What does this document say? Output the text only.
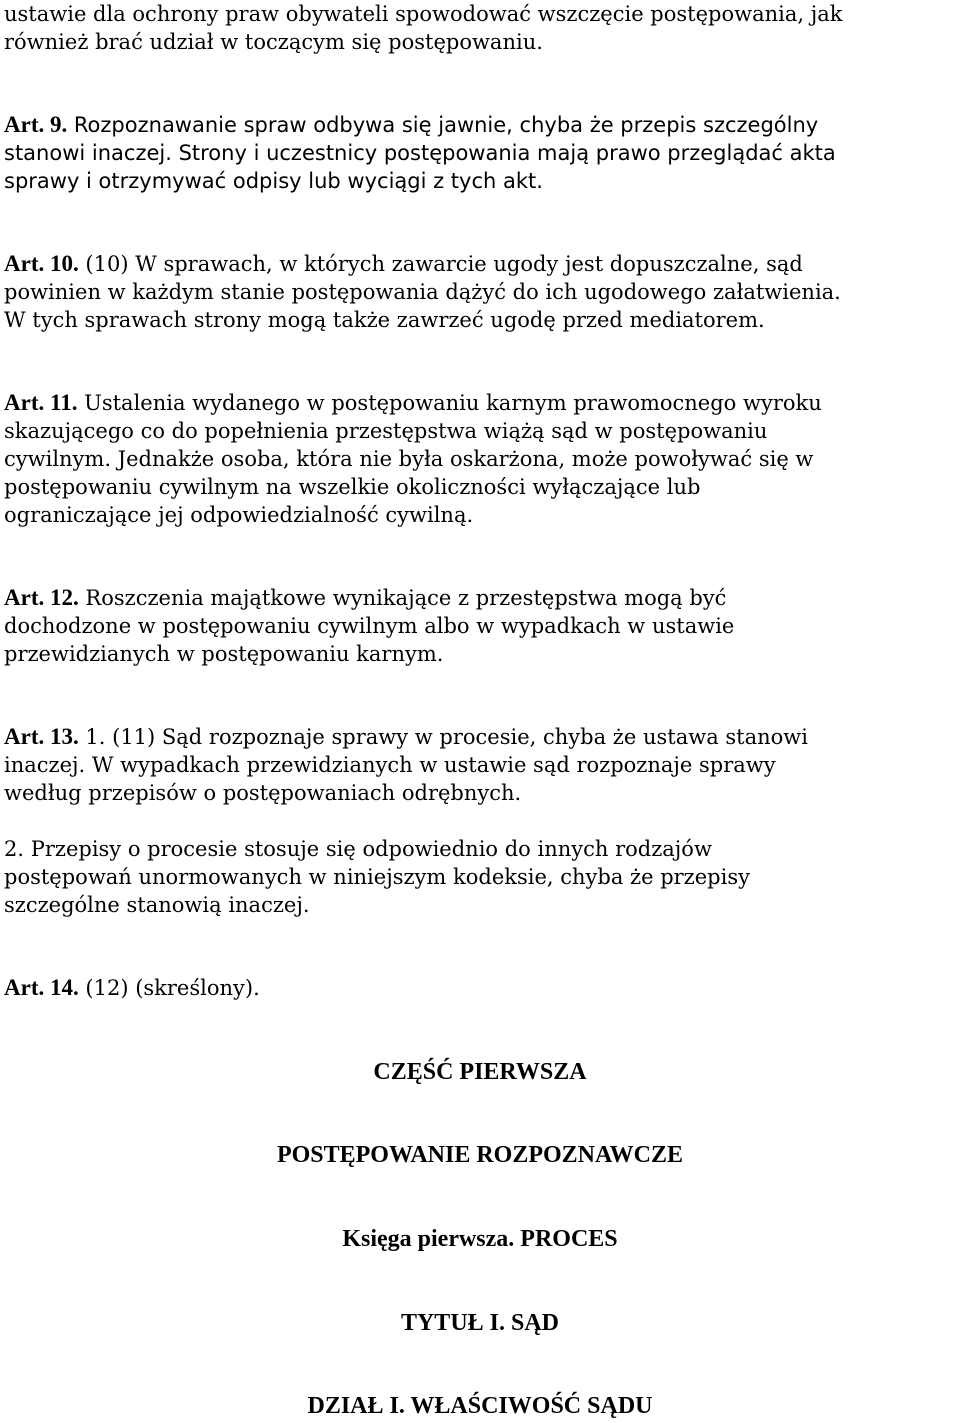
ustawie dla ochrony praw obywateli spowodować wszczęcie postępowania, jak

również brać udział w toczącym się postępowaniu.

Art. 9. Rozpoznawanie spraw odbywa się jawnie, chyba że przepis szczególny

stanowi inaczej. Strony i uczestnicy postępowania mają prawo przeglądać akta

sprawy i otrzymywać odpisy lub wyciągi z tych akt.

Art. 10. (10) W sprawach, w których zawarcie ugody jest dopuszczalne, sąd

powinien w każdym stanie postępowania dążyć do ich ugodowego załatwienia.

W tych sprawach strony mogą także zawrzeć ugodę przed mediatorem.

Art. 11. Ustalenia wydanego w postępowaniu karnym prawomocnego wyroku

skazującego co do popełnienia przestępstwa wiążą sąd w postępowaniu

cywilnym. Jednakże osoba, która nie była oskarżona, może powoływać się w

postępowaniu cywilnym na wszelkie okoliczności wyłączające lub

ograniczające jej odpowiedzialność cywilną.

Art. 12. Roszczenia majątkowe wynikające z przestępstwa mogą być

dochodzone w postępowaniu cywilnym albo w wypadkach w ustawie

przewidzianych w postępowaniu karnym.

Art. 13. 1. (11) Sąd rozpoznaje sprawy w procesie, chyba że ustawa stanowi

inaczej. W wypadkach przewidzianych w ustawie sąd rozpoznaje sprawy

według przepisów o postępowaniach odrębnych.

2. Przepisy o procesie stosuje się odpowiednio do innych rodzajów

postępowań unormowanych w niniejszym kodeksie, chyba że przepisy

szczególne stanowią inaczej.

Art. 14. (12) (skreślony).

CZĘŚĆ PIERWSZA
POSTĘPOWANIE ROZPOZNAWCZE
Księga pierwsza. PROCES
TYTUŁ I. SĄD
DZIAŁ I. WŁAŚCIWOŚĆ SĄDU
